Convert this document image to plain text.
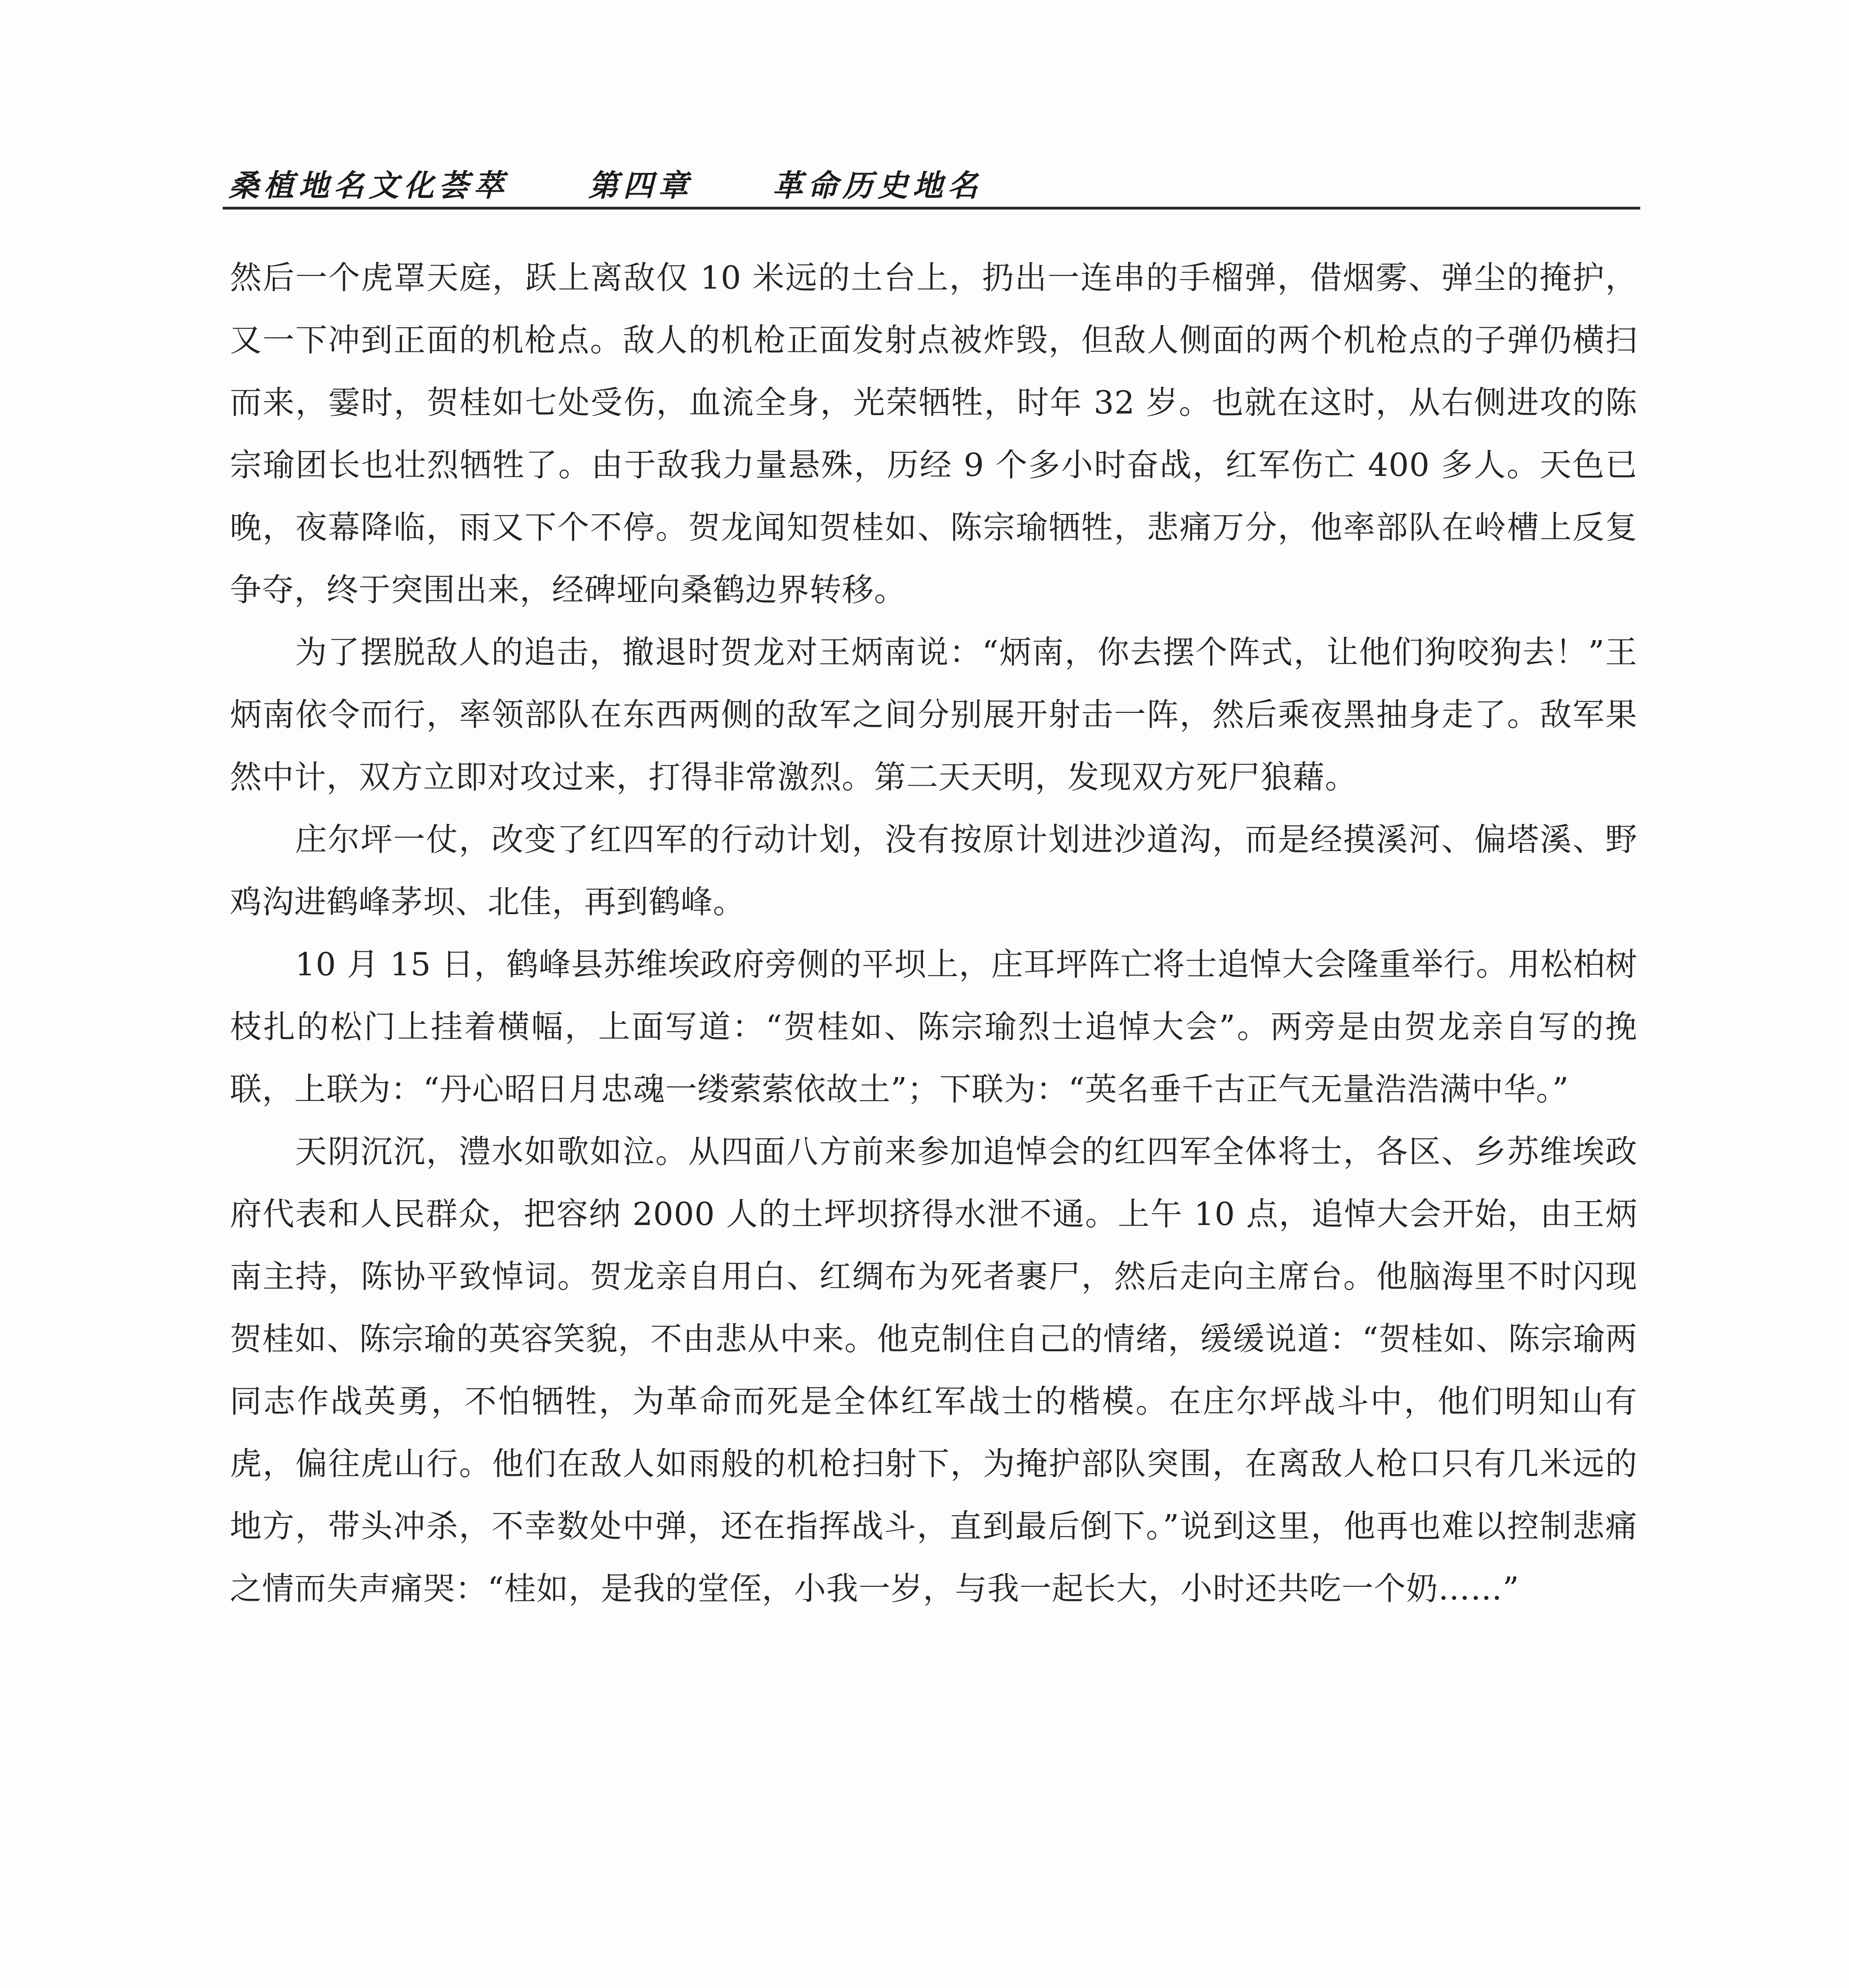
桑植地名文化荟萃	第四章	革命历史地名

然后一个虎罩天庭，跃上离敌仅 10 米远的土台上，扔出一连串的手榴弹，借烟雾、弹尘的掩护，又一下冲到正面的机枪点。敌人的机枪正面发射点被炸毁，但敌人侧面的两个机枪点的子弹仍横扫而来，霎时，贺桂如七处受伤，血流全身，光荣牺牲，时年 32 岁。也就在这时，从右侧进攻的陈宗瑜团长也壮烈牺牲了。由于敌我力量悬殊，历经 9 个多小时奋战，红军伤亡 400 多人。天色已晚，夜幕降临，雨又下个不停。贺龙闻知贺桂如、陈宗瑜牺牲，悲痛万分，他率部队在岭槽上反复争夺，终于突围出来，经碑垭向桑鹤边界转移。

为了摆脱敌人的追击，撤退时贺龙对王炳南说：“炳南，你去摆个阵式，让他们狗咬狗去！”王炳南依令而行，率领部队在东西两侧的敌军之间分别展开射击一阵，然后乘夜黑抽身走了。敌军果然中计，双方立即对攻过来，打得非常激烈。第二天天明，发现双方死尸狼藉。

庄尔坪一仗，改变了红四军的行动计划，没有按原计划进沙道沟，而是经摸溪河、偏塔溪、野鸡沟进鹤峰茅坝、北佳，再到鹤峰。

10 月 15 日，鹤峰县苏维埃政府旁侧的平坝上，庄耳坪阵亡将士追悼大会隆重举行。用松柏树枝扎的松门上挂着横幅，上面写道：“贺桂如、陈宗瑜烈士追悼大会”。两旁是由贺龙亲自写的挽联，上联为：“丹心昭日月忠魂一缕萦萦依故土”；下联为：“英名垂千古正气无量浩浩满中华。”

天阴沉沉，澧水如歌如泣。从四面八方前来参加追悼会的红四军全体将士，各区、乡苏维埃政府代表和人民群众，把容纳 2000 人的土坪坝挤得水泄不通。上午 10 点，追悼大会开始，由王炳南主持，陈协平致悼词。贺龙亲自用白、红绸布为死者裹尸，然后走向主席台。他脑海里不时闪现贺桂如、陈宗瑜的英容笑貌，不由悲从中来。他克制住自己的情绪，缓缓说道：“贺桂如、陈宗瑜两同志作战英勇，不怕牺牲，为革命而死是全体红军战士的楷模。在庄尔坪战斗中，他们明知山有虎，偏往虎山行。他们在敌人如雨般的机枪扫射下，为掩护部队突围，在离敌人枪口只有几米远的地方，带头冲杀，不幸数处中弹，还在指挥战斗，直到最后倒下。”说到这里，他再也难以控制悲痛之情而失声痛哭：“桂如，是我的堂侄，小我一岁，与我一起长大，小时还共吃一个奶……”
